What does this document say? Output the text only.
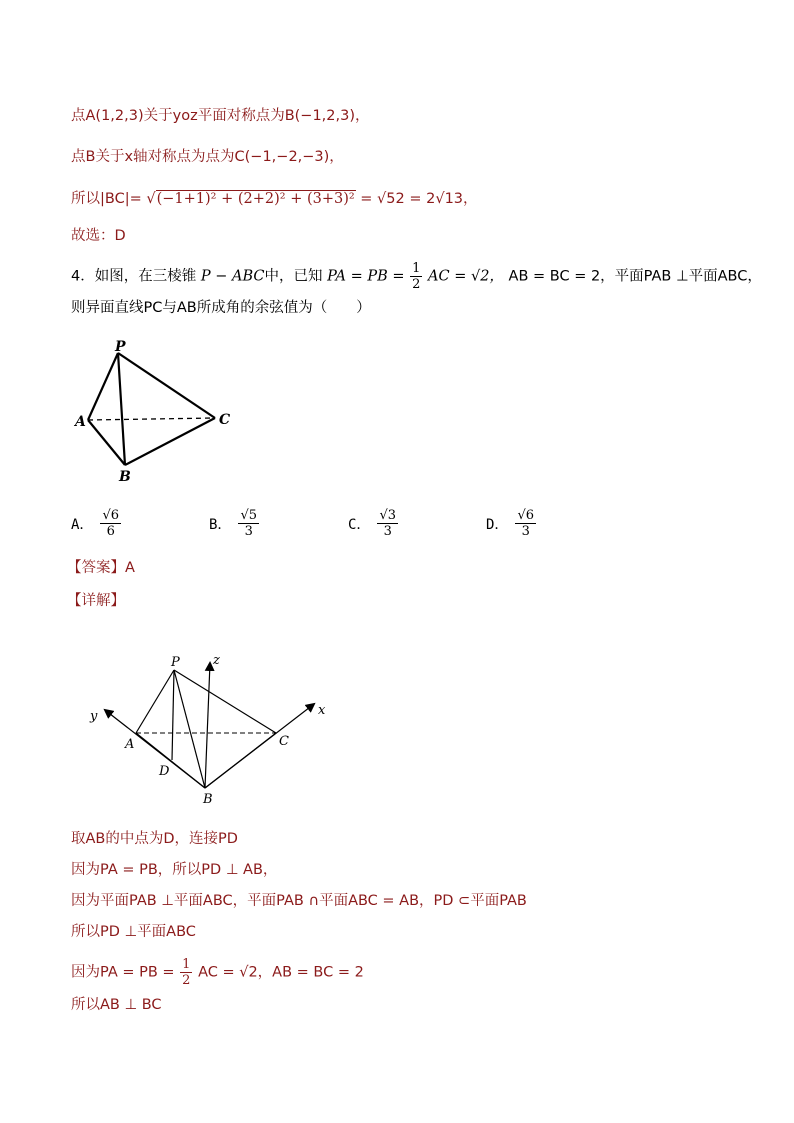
点A(1,2,3)关于yoz平面对称点为B(−1,2,3)，
点B关于x轴对称点为点为C(−1,−2,−3)，
所以|BC|= √(−1+1)² + (2+2)² + (3+3)² = √52 = 2√13，
故选：D
4．如图，在三棱锥 P − ABC中，已知 PA = PB = $\frac{1}{2}$ AC = √2， AB = BC = 2，平面PAB ⊥平面ABC，
则异面直线PC与AB所成角的余弦值为（　　）
P
A
B
C
A． $\frac{√6}{6}$	B． $\frac{√5}{3}$	C． $\frac{√3}{3}$	D． $\frac{√6}{3}$
【答案】A
【详解】
P
A
B
C
D
x
y
z
取AB的中点为D，连接PD
因为PA = PB，所以PD ⊥ AB，
因为平面PAB ⊥平面ABC，平面PAB ∩平面ABC = AB，PD ⊂平面PAB
所以PD ⊥平面ABC
因为PA = PB = $\frac{1}{2}$ AC = √2，AB = BC = 2
所以AB ⊥ BC
